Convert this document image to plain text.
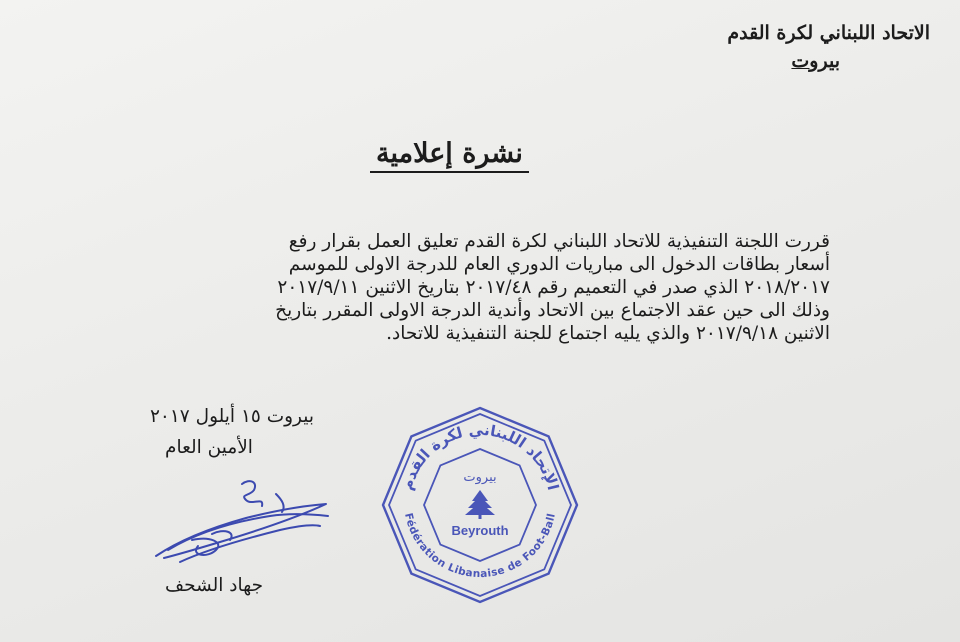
الاتحاد اللبناني لكرة القدم
بيروت
نشرة إعلامية

قررت اللجنة التنفيذية للاتحاد اللبناني لكرة القدم تعليق العمل بقرار رفع

أسعار بطاقات الدخول الى مباريات الدوري العام للدرجة الاولى للموسم

٢٠١٨/٢٠١٧ الذي صدر في التعميم رقم ٢٠١٧/٤٨ بتاريخ الاثنين ٢٠١٧/٩/١١

وذلك الى حين عقد الاجتماع بين الاتحاد وأندية الدرجة الاولى المقرر بتاريخ

الاثنين ٢٠١٧/٩/١٨ والذي يليه اجتماع للجنة التنفيذية للاتحاد.

بيروت ١٥ أيلول ٢٠١٧
الأمين العام
جهاد الشحف
الإتحاد اللبناني لكرة القدم
Fédération Libanaise de Foot-Ball
بيروت
Beyrouth
